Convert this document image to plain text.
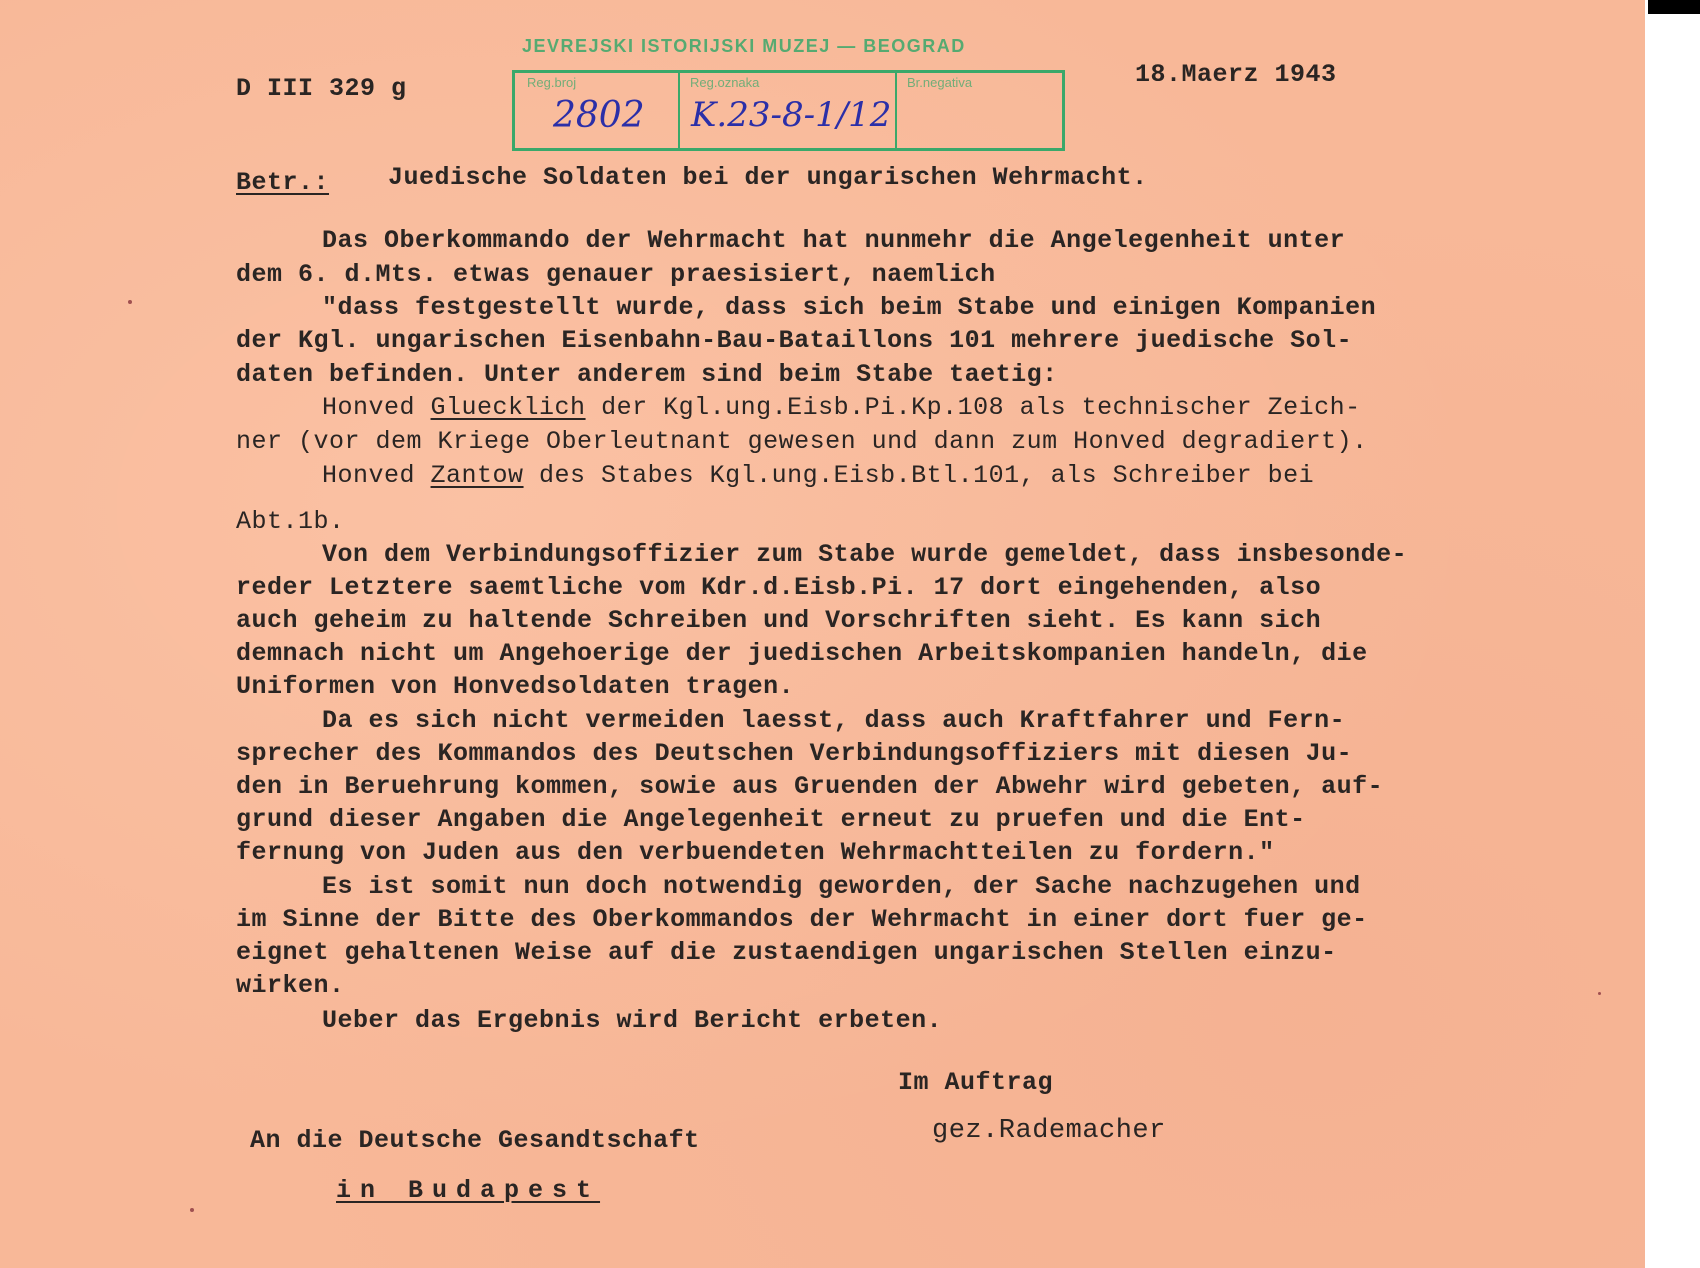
D III 329 g	18.Maerz 1943
JEVREJSKI ISTORIJSKI MUZEJ — BEOGRAD
Reg.broj	Reg.oznaka	Br.negativa
2802 K.23-8-1/12
Betr.: Juedische Soldaten bei der ungarischen Wehrmacht.
Das Oberkommando der Wehrmacht hat nunmehr die Angelegenheit unter
dem 6. d.Mts. etwas genauer praesisiert, naemlich
"dass festgestellt wurde, dass sich beim Stabe und einigen Kompanien
der Kgl. ungarischen Eisenbahn-Bau-Bataillons 101 mehrere juedische Sol-
daten befinden. Unter anderem sind beim Stabe taetig:
Honved Gluecklich der Kgl.ung.Eisb.Pi.Kp.108 als technischer Zeich-
ner (vor dem Kriege Oberleutnant gewesen und dann zum Honved degradiert).
Honved Zantow des Stabes Kgl.ung.Eisb.Btl.101, als Schreiber bei
Abt.1b.
Von dem Verbindungsoffizier zum Stabe wurde gemeldet, dass insbesonde-
reder Letztere saemtliche vom Kdr.d.Eisb.Pi. 17 dort eingehenden, also
auch geheim zu haltende Schreiben und Vorschriften sieht. Es kann sich
demnach nicht um Angehoerige der juedischen Arbeitskompanien handeln, die
Uniformen von Honvedsoldaten tragen.
Da es sich nicht vermeiden laesst, dass auch Kraftfahrer und Fern-
sprecher des Kommandos des Deutschen Verbindungsoffiziers mit diesen Ju-
den in Beruehrung kommen, sowie aus Gruenden der Abwehr wird gebeten, auf-
grund dieser Angaben die Angelegenheit erneut zu pruefen und die Ent-
fernung von Juden aus den verbuendeten Wehrmachtteilen zu fordern."
Es ist somit nun doch notwendig geworden, der Sache nachzugehen und
im Sinne der Bitte des Oberkommandos der Wehrmacht in einer dort fuer ge-
eignet gehaltenen Weise auf die zustaendigen ungarischen Stellen einzu-
wirken.
Ueber das Ergebnis wird Bericht erbeten.
Im Auftrag
gez.Rademacher
An die Deutsche Gesandtschaft
in Budapest
